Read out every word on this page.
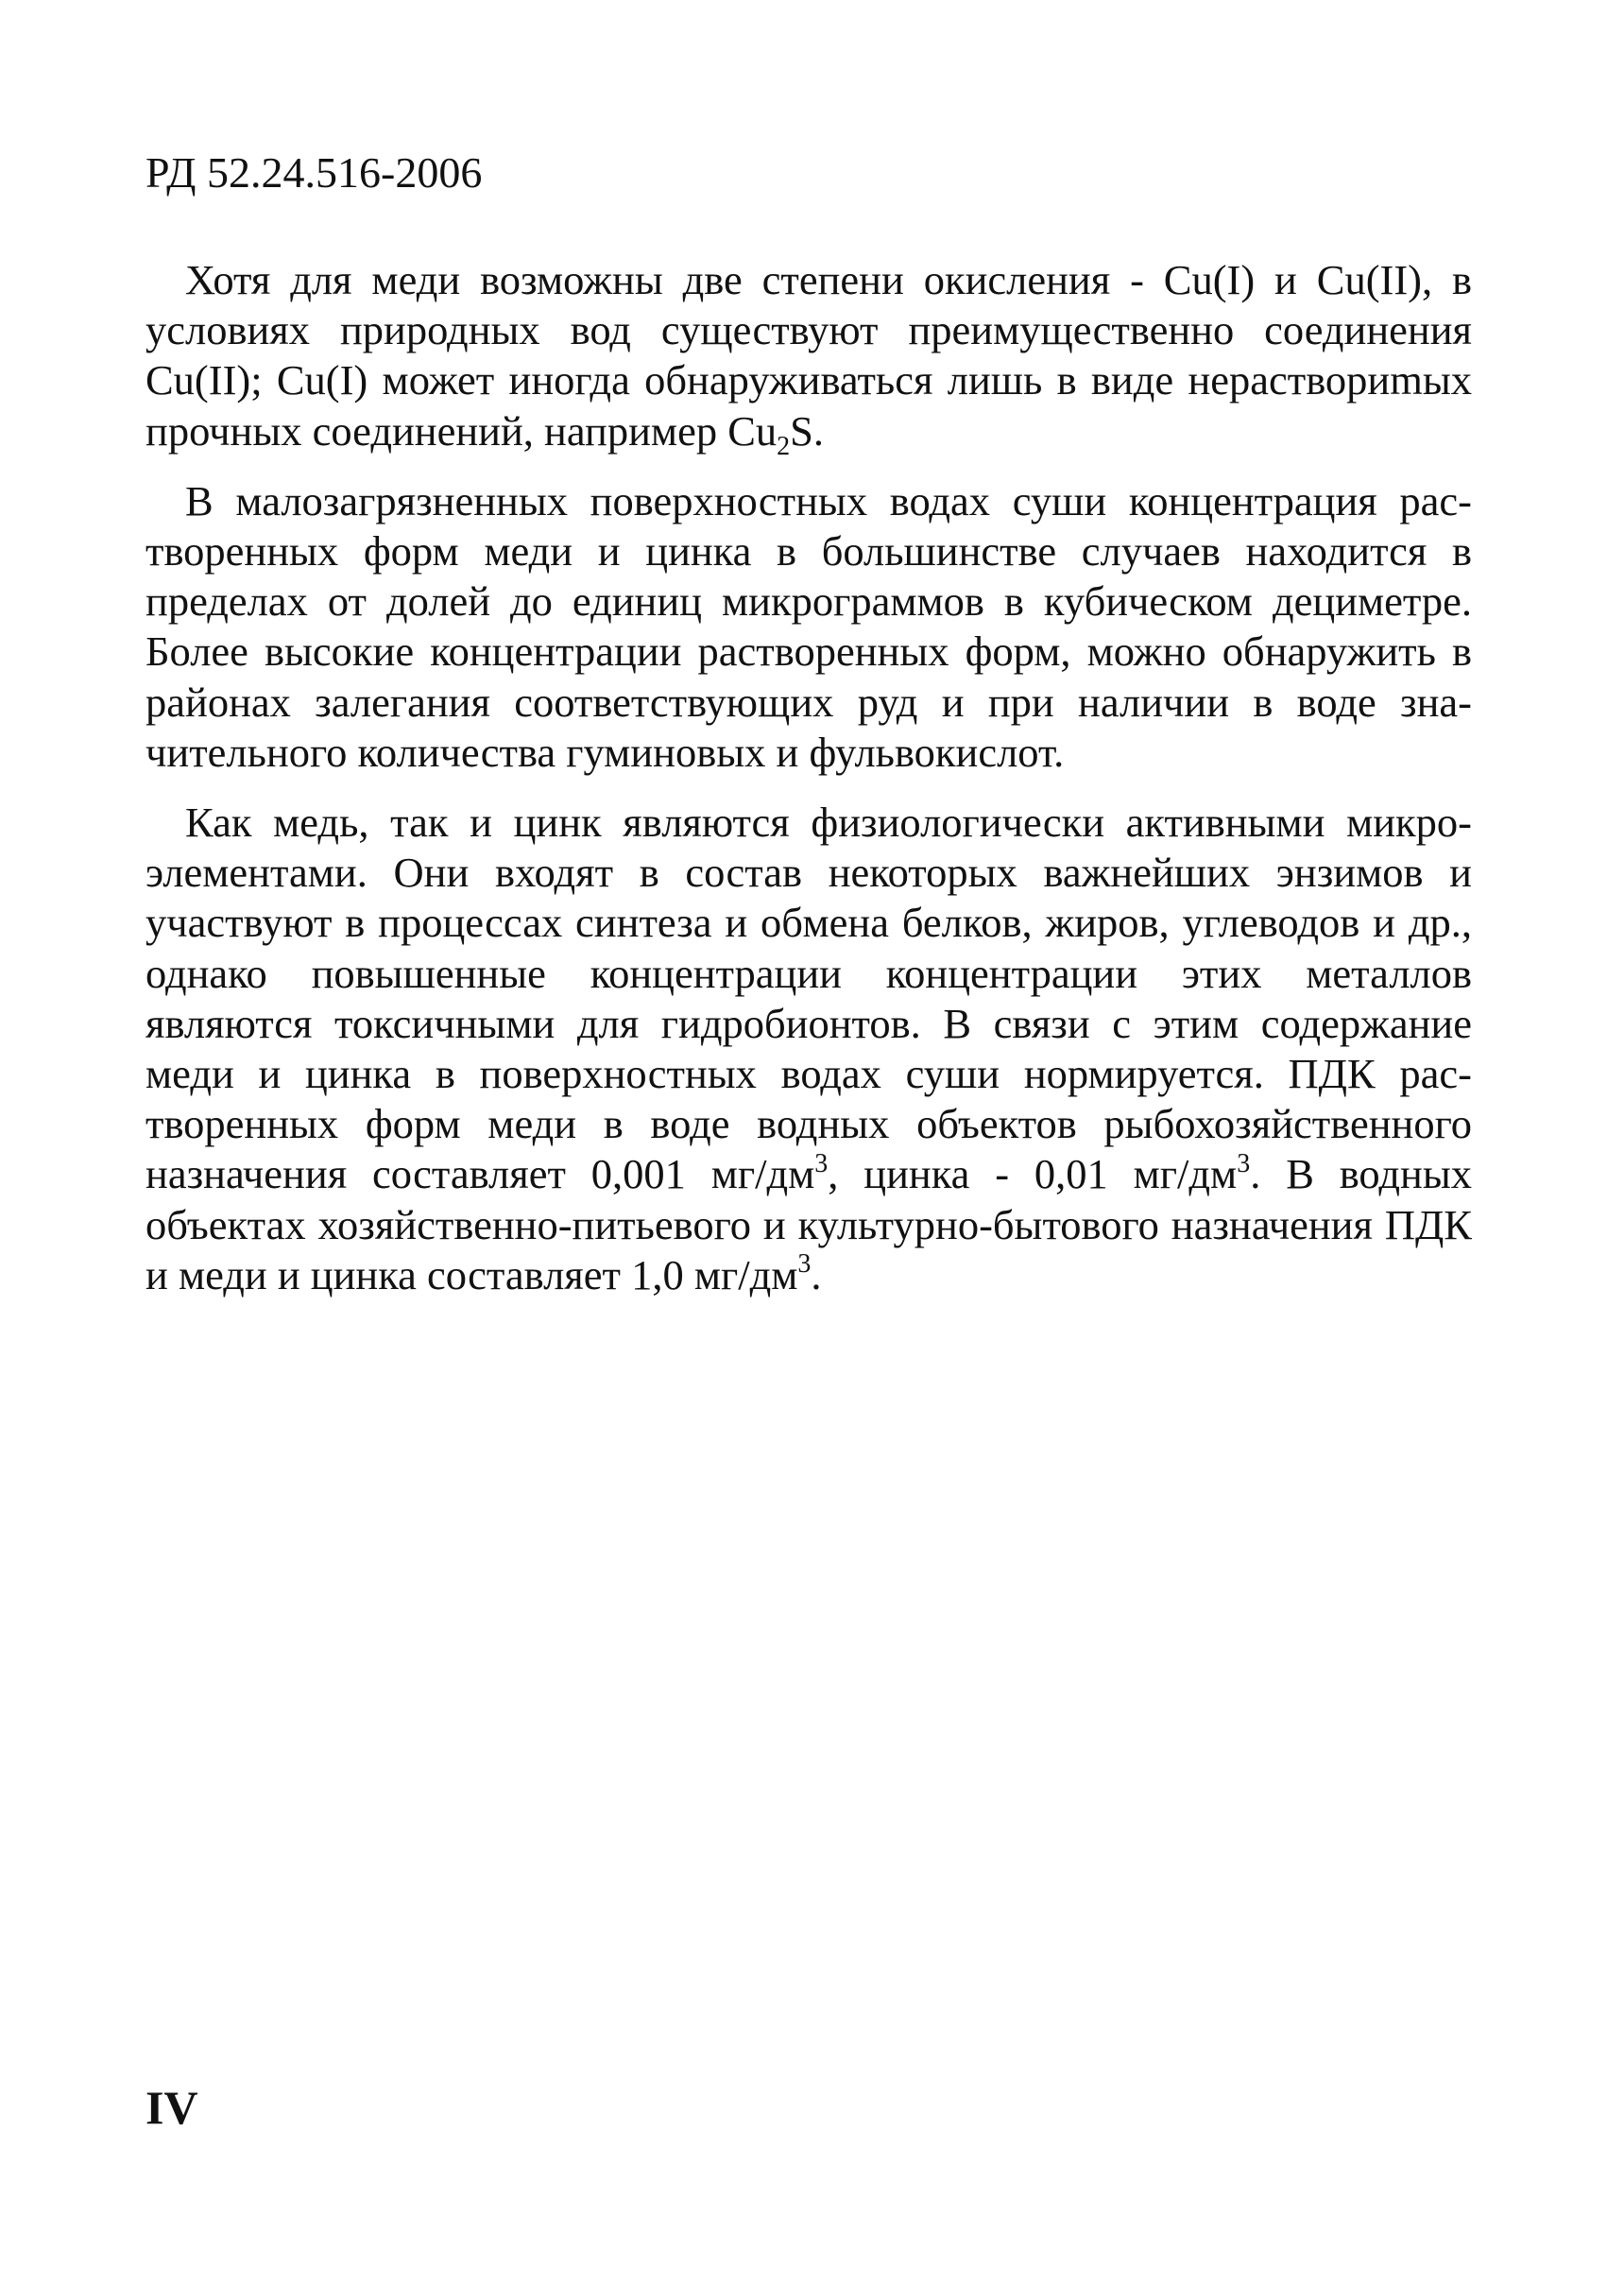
РД 52.24.516-2006

Хотя для меди возможны две степени окисления - Cu(I) и Cu(II), в условиях природных вод существуют преимущественно соединения Cu(II); Cu(I) может иногда обнаруживаться лишь в виде нераствориmых прочных соединений, например $Cu_2S$.

В малозагрязненных поверхностных водах суши концентрация растворенных форм меди и цинка в большинстве случаев находится в пределах от долей до единиц микрограммов в кубическом дециметре. Более высокие концентрации растворенных форм, можно обнаружить в районах залегания соответствующих руд и при наличии в воде значительного количества гуминовых и фульвокислот.

Как медь, так и цинк являются физиологически активными микроэлементами. Они входят в состав некоторых важнейших энзимов и участвуют в процессах синтеза и обмена белков, жиров, углеводов и др., однако повышенные концентрации концентрации этих металлов являются токсичными для гидробионтов. В связи с этим содержание меди и цинка в поверхностных водах суши нормируется. ПДК растворенных форм меди в воде водных объектов рыбохозяйственного назначения составляет 0,001 $мг/дм^3$, цинка - 0,01 $мг/дм^3$. В водных объектах хозяйственно-питьевого и культурно-бытового назначения ПДК и меди и цинка составляет 1,0 $мг/дм^3$.

IV
